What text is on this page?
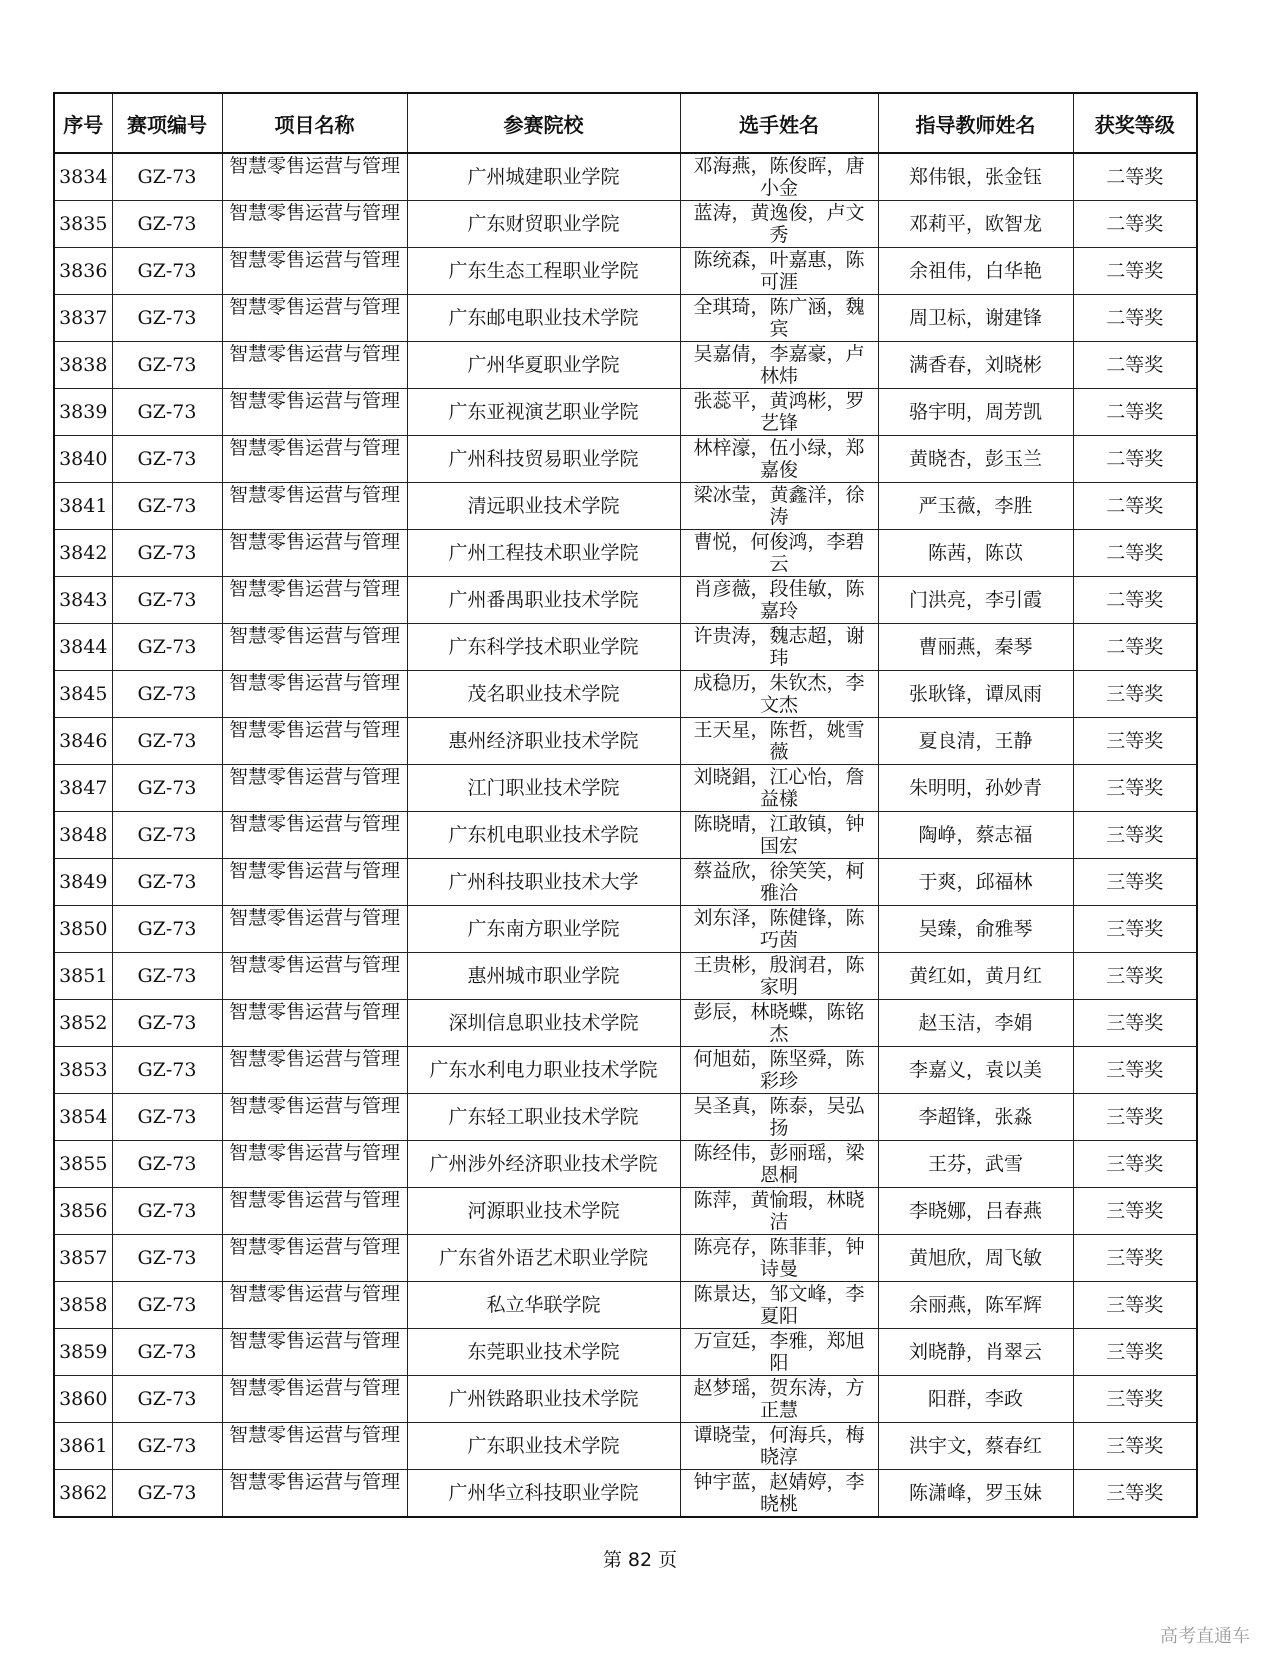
序号	赛项编号	项目名称	参赛院校	选手姓名	指导教师姓名	获奖等级
3834	GZ-73	智慧零售运营与管理	广州城建职业学院	邓海燕，陈俊晖，唐小金	郑伟银，张金钰	二等奖
3835	GZ-73	智慧零售运营与管理	广东财贸职业学院	蓝涛，黄逸俊，卢文秀	邓莉平，欧智龙	二等奖
3836	GZ-73	智慧零售运营与管理	广东生态工程职业学院	陈统森，叶嘉惠，陈可涯	余祖伟，白华艳	二等奖
3837	GZ-73	智慧零售运营与管理	广东邮电职业技术学院	全琪琦，陈广涵，魏宾	周卫标，谢建锋	二等奖
3838	GZ-73	智慧零售运营与管理	广州华夏职业学院	吴嘉倩，李嘉豪，卢林炜	满香春，刘晓彬	二等奖
3839	GZ-73	智慧零售运营与管理	广东亚视演艺职业学院	张蕊平，黄鸿彬，罗艺锋	骆宇明，周芳凯	二等奖
3840	GZ-73	智慧零售运营与管理	广州科技贸易职业学院	林梓濠，伍小绿，郑嘉俊	黄晓杏，彭玉兰	二等奖
3841	GZ-73	智慧零售运营与管理	清远职业技术学院	梁冰莹，黄鑫洋，徐涛	严玉薇，李胜	二等奖
3842	GZ-73	智慧零售运营与管理	广州工程技术职业学院	曹悦，何俊鸿，李碧云	陈茜，陈苡	二等奖
3843	GZ-73	智慧零售运营与管理	广州番禺职业技术学院	肖彦薇，段佳敏，陈嘉玲	门洪亮，李引霞	二等奖
3844	GZ-73	智慧零售运营与管理	广东科学技术职业学院	许贵涛，魏志超，谢玮	曹丽燕，秦琴	二等奖
3845	GZ-73	智慧零售运营与管理	茂名职业技术学院	成稳历，朱钦杰，李文杰	张耿锋，谭凤雨	三等奖
3846	GZ-73	智慧零售运营与管理	惠州经济职业技术学院	王天星，陈哲，姚雪薇	夏良清，王静	三等奖
3847	GZ-73	智慧零售运营与管理	江门职业技术学院	刘晓錩，江心怡，詹益樣	朱明明，孙妙青	三等奖
3848	GZ-73	智慧零售运营与管理	广东机电职业技术学院	陈晓晴，江敢镇，钟国宏	陶峥，蔡志福	三等奖
3849	GZ-73	智慧零售运营与管理	广州科技职业技术大学	蔡益欣，徐笑笑，柯雅洽	于爽，邱福林	三等奖
3850	GZ-73	智慧零售运营与管理	广东南方职业学院	刘东泽，陈健锋，陈巧茵	吴臻，俞雅琴	三等奖
3851	GZ-73	智慧零售运营与管理	惠州城市职业学院	王贵彬，殷润君，陈家明	黄红如，黄月红	三等奖
3852	GZ-73	智慧零售运营与管理	深圳信息职业技术学院	彭辰，林晓蝶，陈铭杰	赵玉洁，李娟	三等奖
3853	GZ-73	智慧零售运营与管理	广东水利电力职业技术学院	何旭茹，陈坚舜，陈彩珍	李嘉义，袁以美	三等奖
3854	GZ-73	智慧零售运营与管理	广东轻工职业技术学院	吴圣真，陈泰，吴弘扬	李超锋，张淼	三等奖
3855	GZ-73	智慧零售运营与管理	广州涉外经济职业技术学院	陈经伟，彭丽瑶，梁恩桐	王芬，武雪	三等奖
3856	GZ-73	智慧零售运营与管理	河源职业技术学院	陈萍，黄愉瑕，林晓洁	李晓娜，吕春燕	三等奖
3857	GZ-73	智慧零售运营与管理	广东省外语艺术职业学院	陈亮存，陈菲菲，钟诗曼	黄旭欣，周飞敏	三等奖
3858	GZ-73	智慧零售运营与管理	私立华联学院	陈景达，邹文峰，李夏阳	余丽燕，陈军辉	三等奖
3859	GZ-73	智慧零售运营与管理	东莞职业技术学院	万宣廷，李雅，郑旭阳	刘晓静，肖翠云	三等奖
3860	GZ-73	智慧零售运营与管理	广州铁路职业技术学院	赵梦瑶，贺东涛，方正慧	阳群，李政	三等奖
3861	GZ-73	智慧零售运营与管理	广东职业技术学院	谭晓莹，何海兵，梅晓淳	洪宇文，蔡春红	三等奖
3862	GZ-73	智慧零售运营与管理	广州华立科技职业学院	钟宇蓝，赵婧婷，李晓桃	陈潇峰，罗玉妹	三等奖
第 82 页
高考直通车
